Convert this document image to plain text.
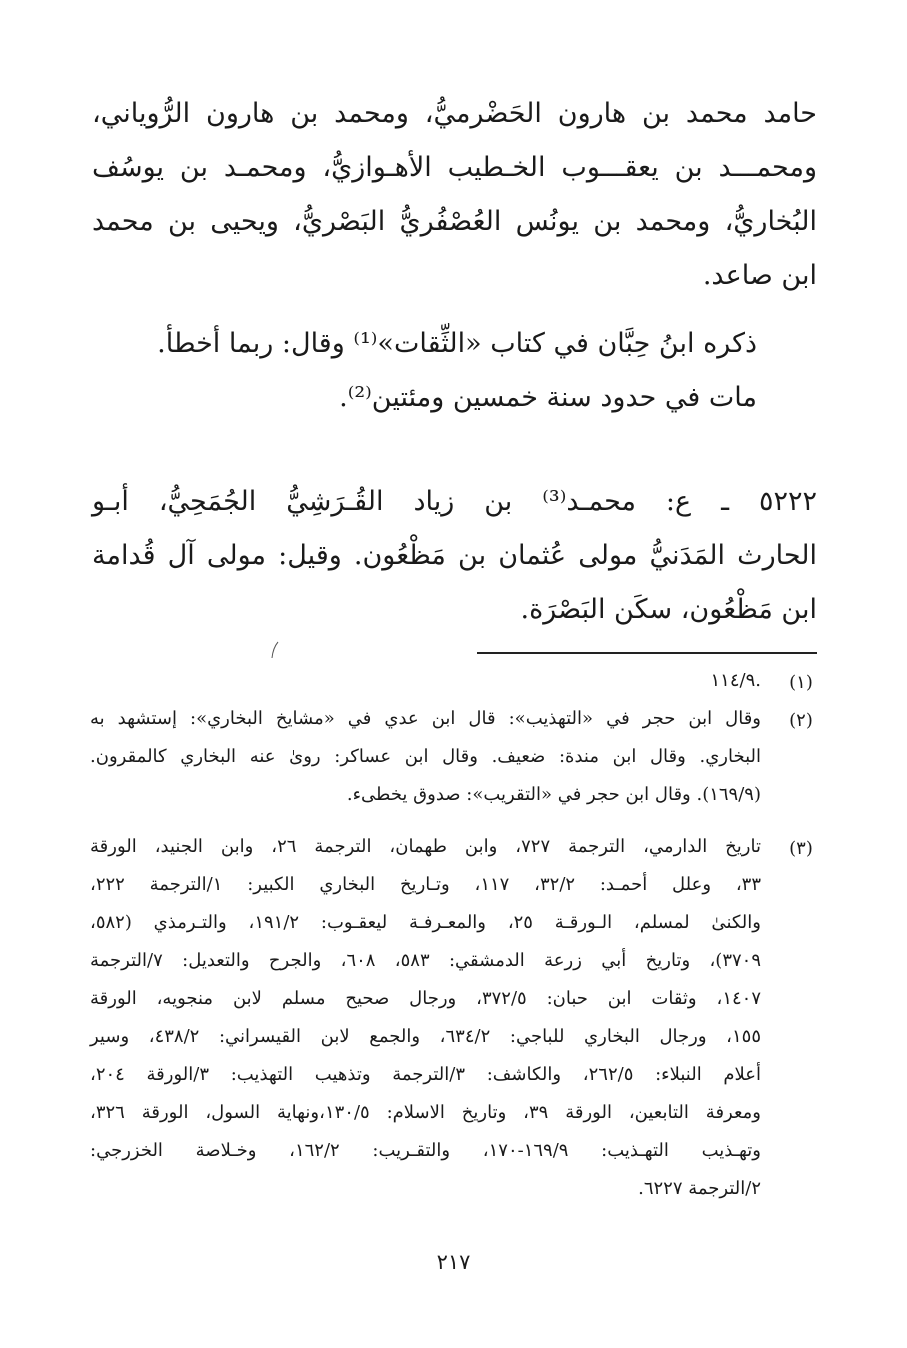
حامد محمد بن هارون الحَضْرميُّ، ومحمد بن هارون الرُّوياني،
ومحمـــد بن يعقـــوب الخـطيب الأهـوازيُّ، ومحمـد بن يوسُف
البُخاريُّ، ومحمد بن يونُس العُصْفُريُّ البَصْريُّ، ويحيى بن محمد
ابن صاعد.
ذكره ابنُ حِبَّان في كتاب «الثِّقات»⁽¹⁾ وقال: ربما أخطأ.
مات في حدود سنة خمسين ومئتين⁽²⁾.
٥٢٢٢ ـ ع: محمـد⁽³⁾ بن زياد القُـرَشِيُّ الجُمَحِيُّ، أبـو
الحارث المَدَنيُّ مولى عُثمان بن مَظْعُون. وقيل: مولى آل قُدامة
ابن مَظْعُون، سكَن البَصْرَة.
(١)
.١١٤/٩
(٢)
وقال ابن حجر في «التهذيب»: قال ابن عدي في «مشايخ البخاري»: إستشهد به
البخاري. وقال ابن مندة: ضعيف. وقال ابن عساكر: روىٰ عنه البخاري كالمقرون.
(١٦٩/٩). وقال ابن حجر في «التقريب»: صدوق يخطىء.
(٣)
تاريخ الدارمي، الترجمة ٧٢٧، وابن طهمان، الترجمة ٢٦، وابن الجنيد، الورقة
٣٣، وعلل أحمـد: ٣٢/٢، ١١٧، وتـاريخ البخاري الكبير: ١/الترجمة ٢٢٢،
والكنىٰ لمسلم، الـورقـة ٢٥، والمعـرفـة ليعقـوب: ١٩١/٢، والتـرمذي (٥٨٢،
٣٧٠٩)، وتاريخ أبي زرعة الدمشقي: ٥٨٣، ٦٠٨، والجرح والتعديل: ٧/الترجمة
١٤٠٧، وثقات ابن حبان: ٣٧٢/٥، ورجال صحيح مسلم لابن منجويه، الورقة
١٥٥، ورجال البخاري للباجي: ٦٣٤/٢، والجمع لابن القيسراني: ٤٣٨/٢، وسير
أعلام النبلاء: ٢٦٢/٥، والكاشف: ٣/الترجمة وتذهيب التهذيب: ٣/الورقة ٢٠٤،
ومعرفة التابعين، الورقة ٣٩، وتاريخ الاسلام: ١٣٠/٥،ونهاية السول، الورقة ٣٢٦،
وتهـذيب التهـذيب: ١٦٩/٩-١٧٠، والتقـريب: ١٦٢/٢، وخـلاصة الخزرجي:
٢/الترجمة ٦٢٢٧.
٢١٧
